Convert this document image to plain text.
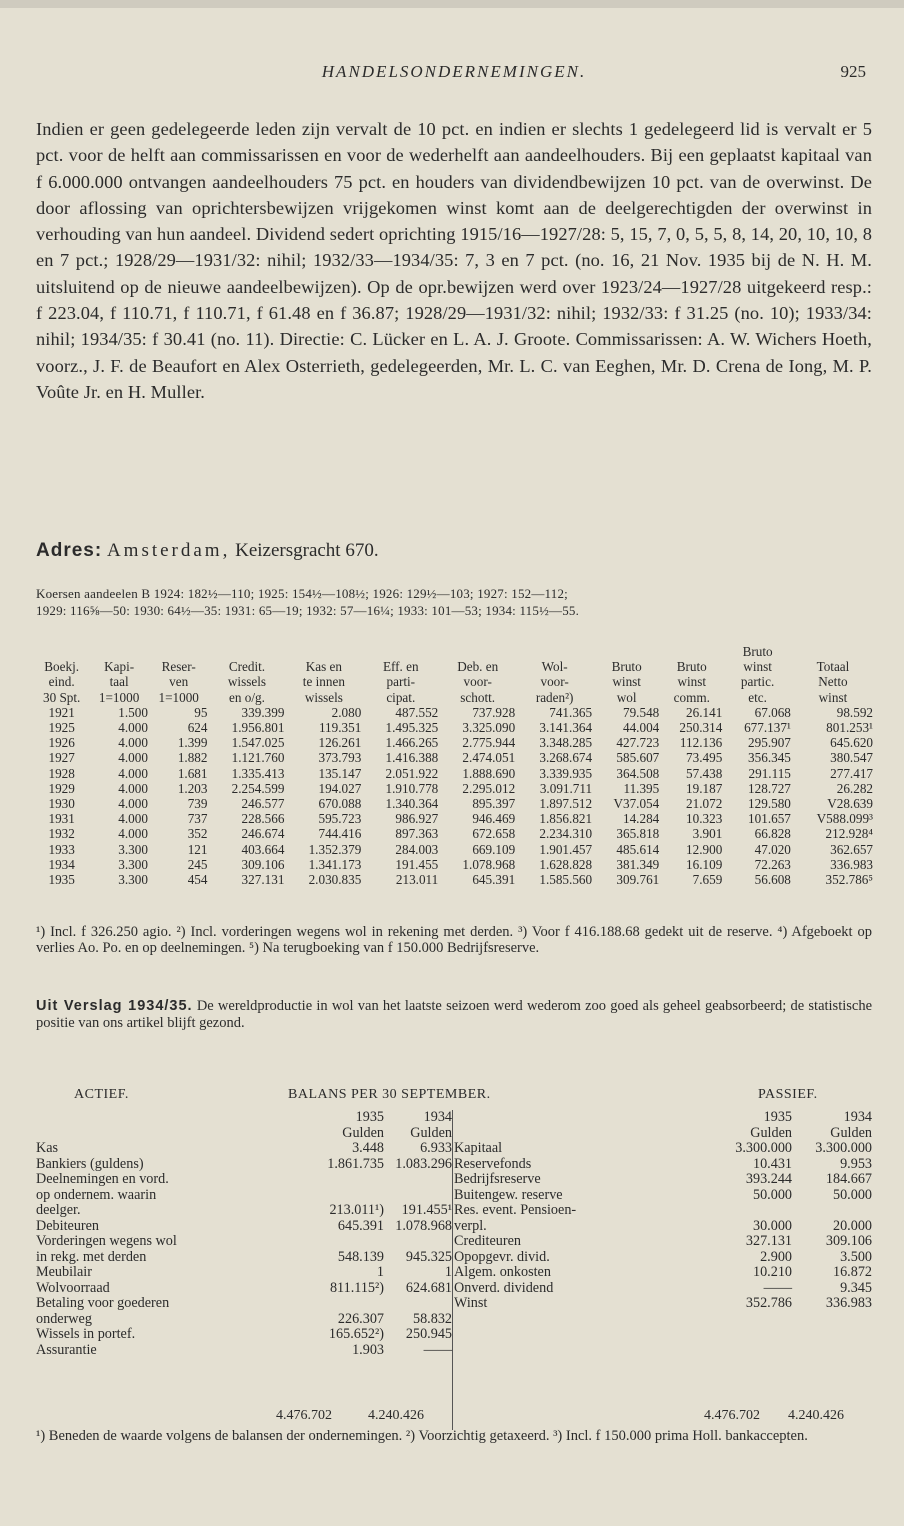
HANDELSONDERNEMINGEN.	925

Indien er geen gedelegeerde leden zijn vervalt de 10 pct. en indien er slechts 1 gedelegeerd lid is vervalt er 5 pct. voor de helft aan commissarissen en voor de wederhelft aan aandeelhouders. Bij een geplaatst kapitaal van f 6.000.000 ontvangen aandeelhouders 75 pct. en houders van dividendbewijzen 10 pct. van de overwinst. De door aflossing van oprichtersbewijzen vrijgekomen winst komt aan de deelgerechtigden der overwinst in verhouding van hun aandeel. Dividend sedert oprichting 1915/16—1927/28: 5, 15, 7, 0, 5, 5, 8, 14, 20, 10, 10, 8 en 7 pct.; 1928/29—1931/32: nihil; 1932/33—1934/35: 7, 3 en 7 pct. (no. 16, 21 Nov. 1935 bij de N. H. M. uitsluitend op de nieuwe aandeelbewijzen). Op de opr.bewijzen werd over 1923/24—1927/28 uitgekeerd resp.: f 223.04, f 110.71, f 110.71, f 61.48 en f 36.87; 1928/29—1931/32: nihil; 1932/33: f 31.25 (no. 10); 1933/34: nihil; 1934/35: f 30.41 (no. 11). Directie: C. Lücker en L. A. J. Groote. Commissarissen: A. W. Wichers Hoeth, voorz., J. F. de Beaufort en Alex Osterrieth, gedelegeerden, Mr. L. C. van Eeghen, Mr. D. Crena de Iong, M. P. Voûte Jr. en H. Muller.

Adres: Amsterdam, Keizersgracht 670.

Koersen aandeelen B 1924: 182½—110; 1925: 154½—108½; 1926: 129½—103; 1927: 152—112;

1929: 116⅝—50: 1930: 64½—35: 1931: 65—19; 1932: 57—16¼; 1933: 101—53; 1934: 115½—55.

										Bruto	
Boekj.	Kapi-	Reser-	Credit.	Kas en	Eff. en	Deb. en	Wol-	Bruto	Bruto	winst	Totaal
eind.	taal	ven	wissels	te innen	parti-	voor-	voor-	winst	winst	partic.	Netto
30 Spt.	1=1000	1=1000	en o/g.	wissels	cipat.	schott.	raden²)	wol	comm.	etc.	winst
1921	1.500	95	339.399	2.080	487.552	737.928	741.365	79.548	26.141	67.068	98.592
1925	4.000	624	1.956.801	119.351	1.495.325	3.325.090	3.141.364	44.004	250.314	677.137¹	801.253¹
1926	4.000	1.399	1.547.025	126.261	1.466.265	2.775.944	3.348.285	427.723	112.136	295.907	645.620
1927	4.000	1.882	1.121.760	373.793	1.416.388	2.474.051	3.268.674	585.607	73.495	356.345	380.547
1928	4.000	1.681	1.335.413	135.147	2.051.922	1.888.690	3.339.935	364.508	57.438	291.115	277.417
1929	4.000	1.203	2.254.599	194.027	1.910.778	2.295.012	3.091.711	11.395	19.187	128.727	26.282
1930	4.000	739	246.577	670.088	1.340.364	895.397	1.897.512	V37.054	21.072	129.580	V28.639
1931	4.000	737	228.566	595.723	986.927	946.469	1.856.821	14.284	10.323	101.657	V588.099³
1932	4.000	352	246.674	744.416	897.363	672.658	2.234.310	365.818	3.901	66.828	212.928⁴
1933	3.300	121	403.664	1.352.379	284.003	669.109	1.901.457	485.614	12.900	47.020	362.657
1934	3.300	245	309.106	1.341.173	191.455	1.078.968	1.628.828	381.349	16.109	72.263	336.983
1935	3.300	454	327.131	2.030.835	213.011	645.391	1.585.560	309.761	7.659	56.608	352.786⁵

¹) Incl. f 326.250 agio. ²) Incl. vorderingen wegens wol in rekening met derden. ³) Voor f 416.188.68 gedekt uit de reserve. ⁴) Afgeboekt op verlies Ao. Po. en op deelnemingen. ⁵) Na terugboeking van f 150.000 Bedrijfsreserve.

Uit Verslag 1934/35. De wereldproductie in wol van het laatste seizoen werd wederom zoo goed als geheel geabsorbeerd; de statistische positie van ons artikel blijft gezond.

ACTIEF.	BALANS PER 30 SEPTEMBER.	PASSIEF.
1935	1934
Gulden	Gulden
Kas	3.448	6.933
Bankiers (guldens)	1.861.735 1.083.296
Deelnemingen en vord.
op ondernem. waarin
deelger.	213.011¹)	191.455¹
Debiteuren	645.391 1.078.968
Vorderingen wegens wol
in rekg. met derden	548.139	945.325
Meubilair	1	1
Wolvoorraad	811.115²)	624.681
Betaling voor goederen
onderweg	226.307	58.832
Wissels in portef.	165.652²)	250.945
Assurantie	1.903	——
1935	1934
Gulden	Gulden
Kapitaal	3.300.000	3.300.000
Reservefonds	10.431	9.953
Bedrijfsreserve	393.244	184.667
Buitengew. reserve	50.000	50.000
Res. event. Pensioen-
verpl.	30.000	20.000
Crediteuren	327.131	309.106
Opopgevr. divid.	2.900	3.500
Algem. onkosten	10.210	16.872
Onverd. dividend	——	9.345
Winst	352.786	336.983
4.476.702	4.240.426	4.476.702 4.240.426

¹) Beneden de waarde volgens de balansen der ondernemingen. ²) Voorzichtig getaxeerd. ³) Incl. f 150.000 prima Holl. bankaccepten.
